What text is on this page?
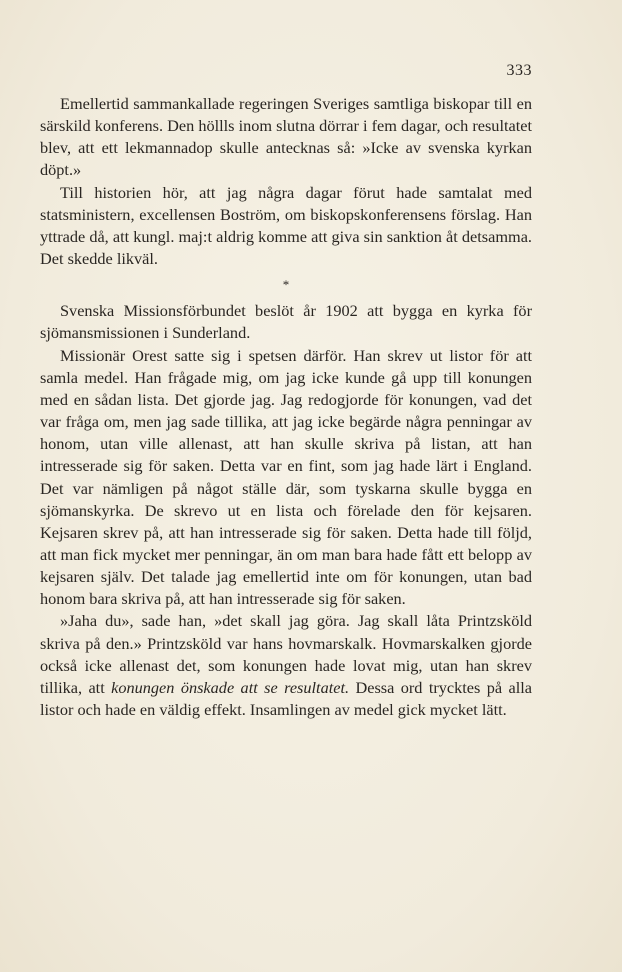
333

Emellertid sammankallade regeringen Sveriges samtliga biskopar till en särskild konferens. Den höllls inom slutna dörrar i fem dagar, och resultatet blev, att ett lekmannadop skulle antecknas så: »Icke av svenska kyrkan döpt.»

Till historien hör, att jag några dagar förut hade samtalat med statsministern, excellensen Boström, om biskopskonferensens förslag. Han yttrade då, att kungl. maj:t aldrig komme att giva sin sanktion åt detsamma. Det skedde likväl.

*

Svenska Missionsförbundet beslöt år 1902 att bygga en kyrka för sjömansmissionen i Sunderland.

Missionär Orest satte sig i spetsen därför. Han skrev ut listor för att samla medel. Han frågade mig, om jag icke kunde gå upp till konungen med en sådan lista. Det gjorde jag. Jag redogjorde för konungen, vad det var fråga om, men jag sade tillika, att jag icke begärde några penningar av honom, utan ville allenast, att han skulle skriva på listan, att han intresserade sig för saken. Detta var en fint, som jag hade lärt i England. Det var nämligen på något ställe där, som tyskarna skulle bygga en sjömanskyrka. De skrevo ut en lista och förelade den för kejsaren. Kejsaren skrev på, att han intresserade sig för saken. Detta hade till följd, att man fick mycket mer penningar, än om man bara hade fått ett belopp av kejsaren själv. Det talade jag emellertid inte om för konungen, utan bad honom bara skriva på, att han intresserade sig för saken.

»Jaha du», sade han, »det skall jag göra. Jag skall låta Printzsköld skriva på den.» Printzsköld var hans hovmarskalk. Hovmarskalken gjorde också icke allenast det, som konungen hade lovat mig, utan han skrev tillika, att konungen önskade att se resultatet. Dessa ord trycktes på alla listor och hade en väldig effekt. Insamlingen av medel gick mycket lätt.
